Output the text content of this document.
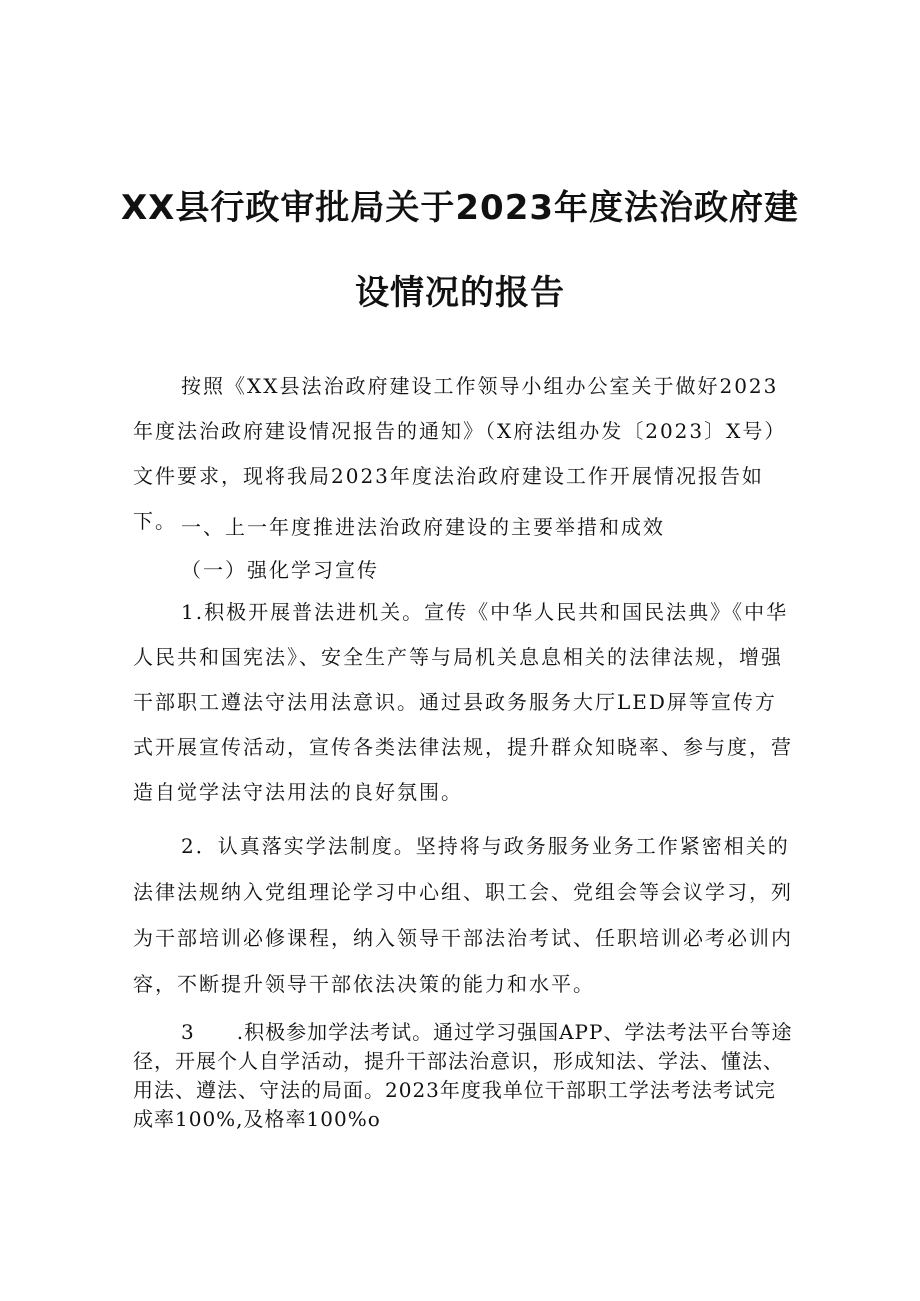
XX县行政审批局关于2023年度法治政府建
设情况的报告

按照《XX县法治政府建设工作领导小组办公室关于做好2023年度法治政府建设情况报告的通知》（X府法组办发〔2023〕X号）文件要求，现将我局2023年度法治政府建设工作开展情况报告如下。 一、上一年度推进法治政府建设的主要举措和成效

（一）强化学习宣传

1.积极开展普法进机关。宣传《中华人民共和国民法典》《中华人民共和国宪法》、安全生产等与局机关息息相关的法律法规，增强干部职工遵法守法用法意识。通过县政务服务大厅LED屏等宣传方式开展宣传活动，宣传各类法律法规，提升群众知晓率、参与度，营造自觉学法守法用法的良好氛围。

2．认真落实学法制度。坚持将与政务服务业务工作紧密相关的法律法规纳入党组理论学习中心组、职工会、党组会等会议学习，列为干部培训必修课程，纳入领导干部法治考试、任职培训必考必训内容，不断提升领导干部依法决策的能力和水平。

3　　.积极参加学法考试。通过学习强国APP、学法考法平台等途径，开展个人自学活动，提升干部法治意识，形成知法、学法、懂法、用法、遵法、守法的局面。2023年度我单位干部职工学法考法考试完成率100%,及格率100%o
